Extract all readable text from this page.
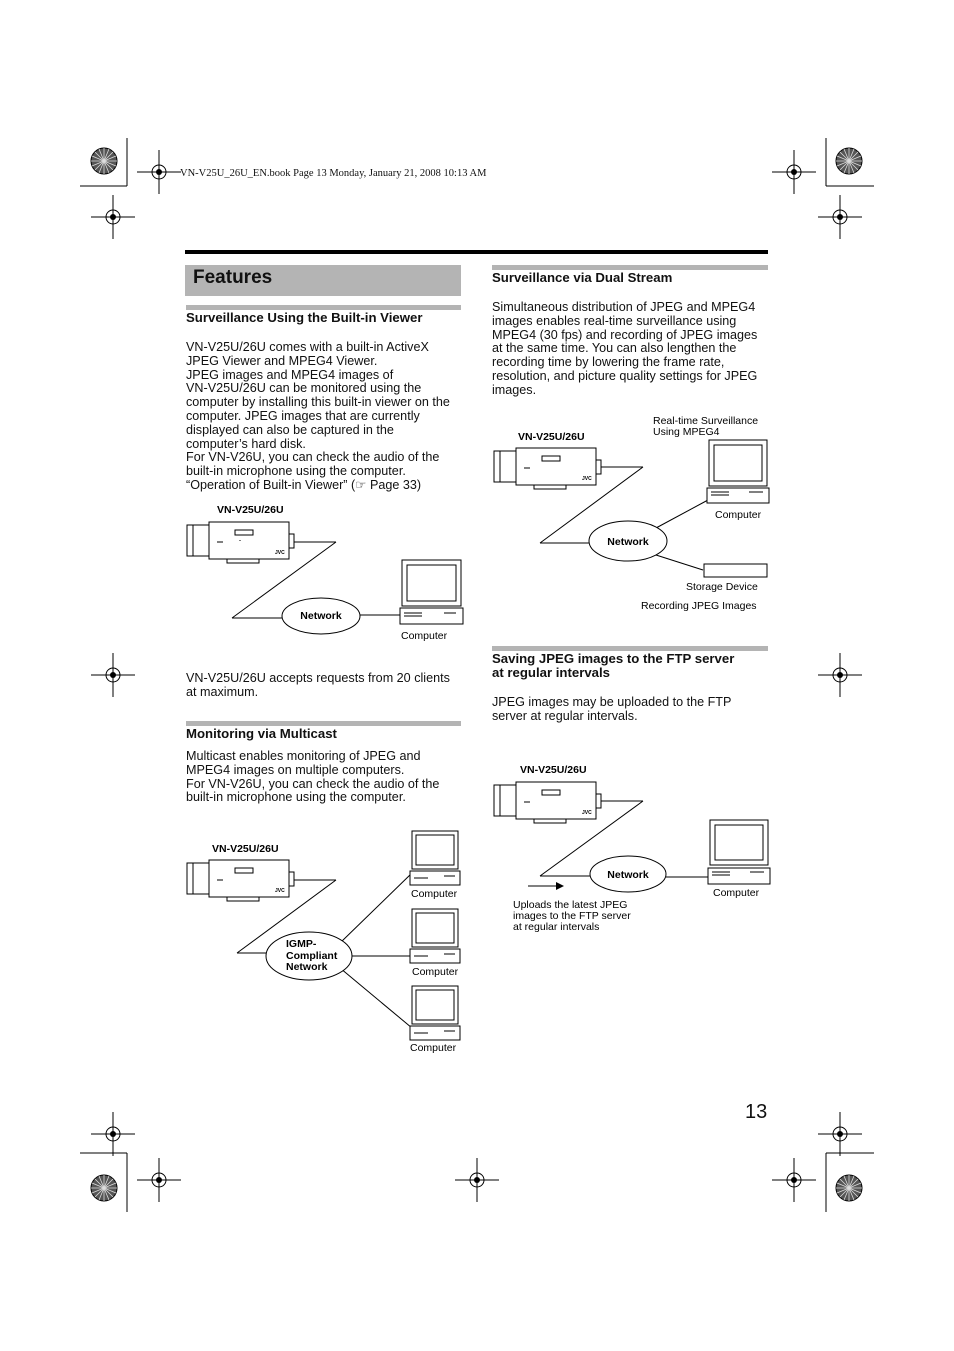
VN-V25U_26U_EN.book Page 13 Monday, January 21, 2008 10:13 AM
Features
Surveillance Using the Built-in Viewer
VN-V25U/26U comes with a built-in ActiveX
JPEG Viewer and MPEG4 Viewer.
JPEG images and MPEG4 images of
VN-V25U/26U can be monitored using the
computer by installing this built-in viewer on the
computer. JPEG images that are currently
displayed can also be captured in the
computer’s hard disk.
For VN-V26U, you can check the audio of the
built-in microphone using the computer.
“Operation of Built-in Viewer” (☞ Page 33)
VN-V25U/26U
JVC
Network
Computer
VN-V25U/26U accepts requests from 20 clients
at maximum.
Monitoring via Multicast
Multicast enables monitoring of JPEG and
MPEG4 images on multiple computers.
For VN-V26U, you can check the audio of the
built-in microphone using the computer.
VN-V25U/26U
JVC
IGMP-
Compliant
Network
Computer
Computer
Computer
Surveillance via Dual Stream
Simultaneous distribution of JPEG and MPEG4
images enables real-time surveillance using
MPEG4 (30 fps) and recording of JPEG images
at the same time. You can also lengthen the
recording time by lowering the frame rate,
resolution, and picture quality settings for JPEG
images.
Real-time Surveillance
Using MPEG4
VN-V25U/26U
JVC
Network
Computer
Storage Device
Recording JPEG Images
Saving JPEG images to the FTP server
at regular intervals
JPEG images may be uploaded to the FTP
server at regular intervals.
VN-V25U/26U
JVC
Network
Computer
Uploads the latest JPEG
images to the FTP server
at regular intervals
13
